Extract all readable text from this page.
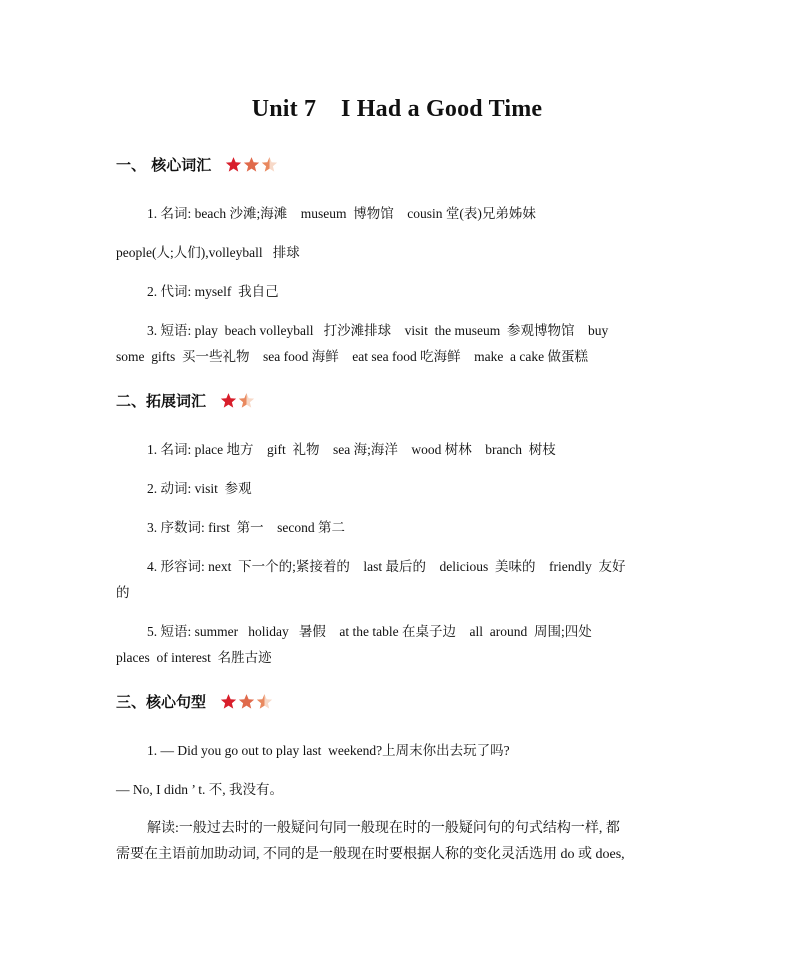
Unit 7    I Had a Good Time
一、 核心词汇
1. 名词: beach 沙滩;海滩    museum  博物馆    cousin 堂(表)兄弟姊妹
people(人;人们),volleyball   排球
2. 代词: myself  我自己
3. 短语: play  beach volleyball   打沙滩排球    visit  the museum  参观博物馆    buy
some  gifts  买一些礼物    sea food 海鲜    eat sea food 吃海鲜    make  a cake 做蛋糕
二、拓展词汇
1. 名词: place 地方    gift  礼物    sea 海;海洋    wood 树林    branch  树枝
2. 动词: visit  参观
3. 序数词: first  第一    second 第二
4. 形容词: next  下一个的;紧接着的    last 最后的    delicious  美味的    friendly  友好
的
5. 短语: summer   holiday   暑假    at the table 在桌子边    all  around  周围;四处
places  of interest  名胜古迹
三、核心句型
1. — Did you go out to play last  weekend?上周末你出去玩了吗?
— No, I didn ’ t. 不, 我没有。
解读:一般过去时的一般疑问句同一般现在时的一般疑问句的句式结构一样, 都
需要在主语前加助动词, 不同的是一般现在时要根据人称的变化灵活选用 do 或 does,
